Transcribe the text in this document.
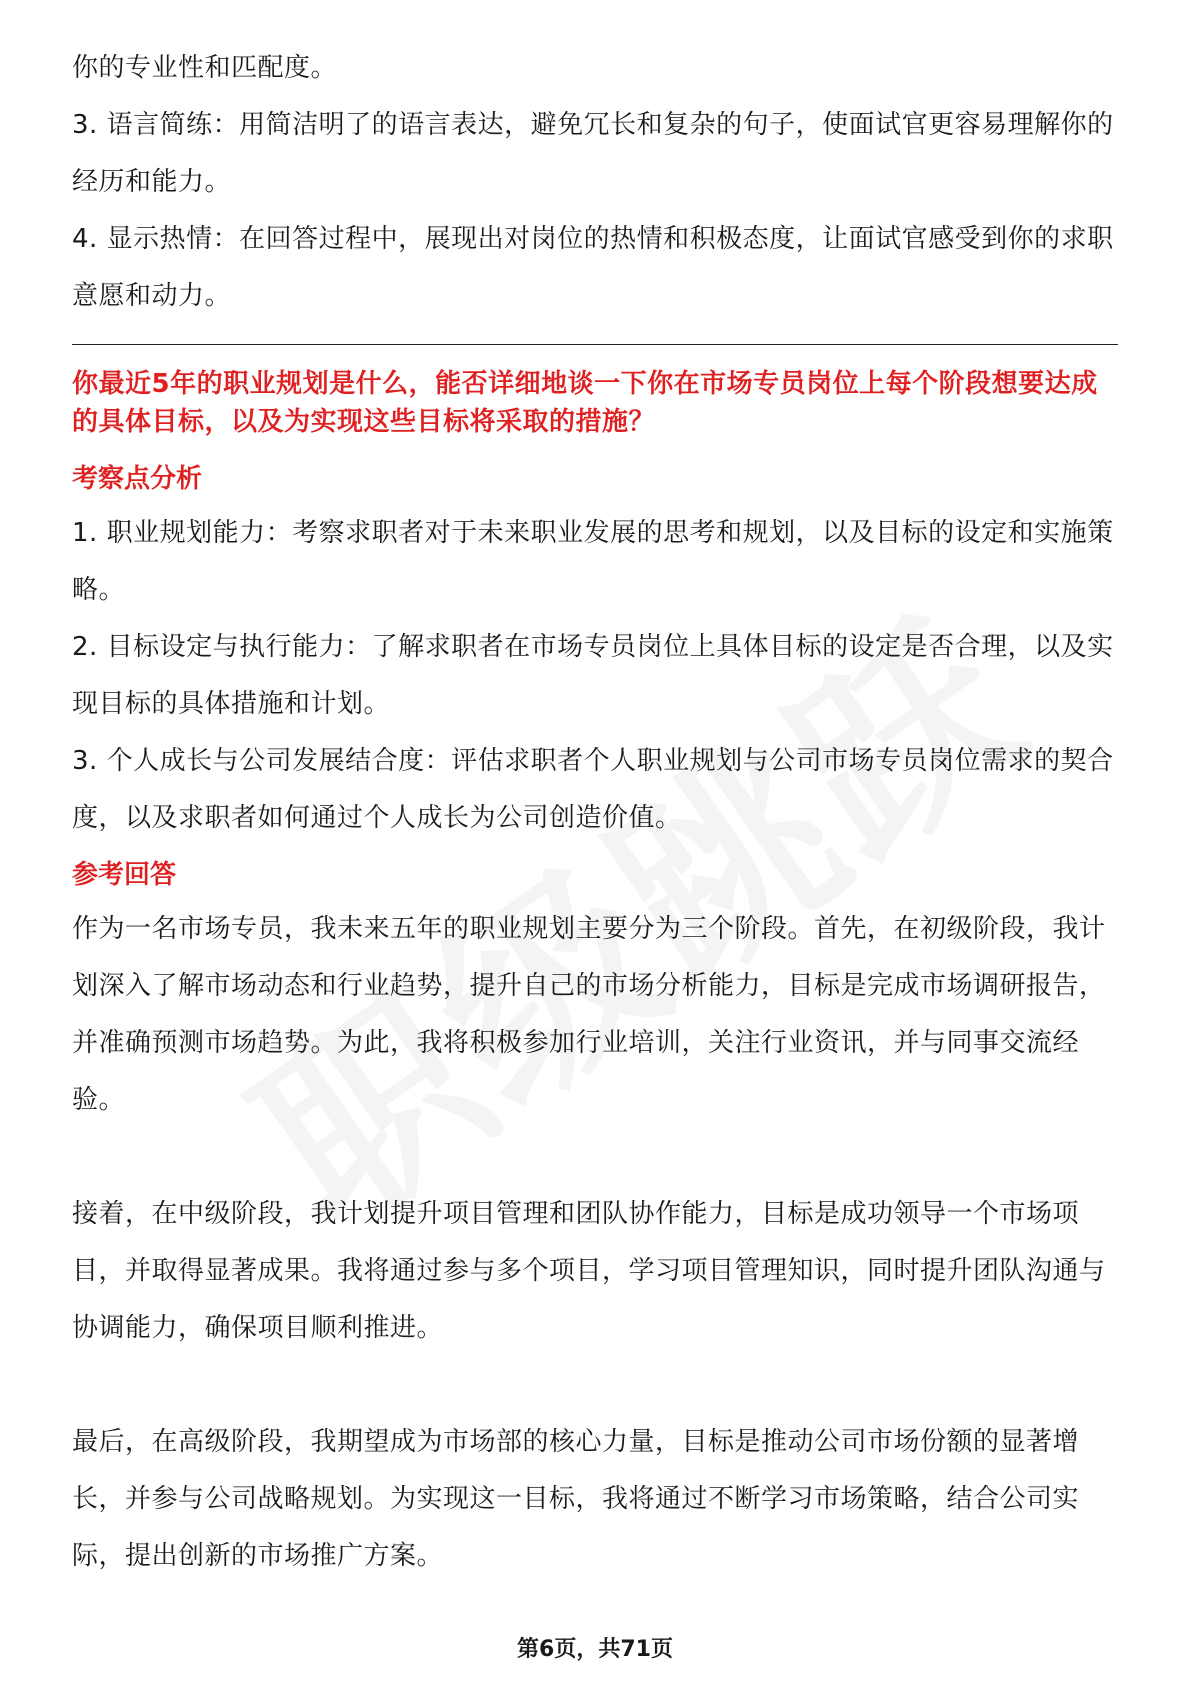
你的专业性和匹配度。

3. 语言简练：用简洁明了的语言表达，避免冗长和复杂的句子，使面试官更容易理解你的经历和能力。

4. 显示热情：在回答过程中，展现出对岗位的热情和积极态度，让面试官感受到你的求职意愿和动力。

你最近5年的职业规划是什么，能否详细地谈一下你在市场专员岗位上每个阶段想要达成的具体目标，以及为实现这些目标将采取的措施？

考察点分析

1. 职业规划能力：考察求职者对于未来职业发展的思考和规划，以及目标的设定和实施策略。

2. 目标设定与执行能力：了解求职者在市场专员岗位上具体目标的设定是否合理，以及实现目标的具体措施和计划。

3. 个人成长与公司发展结合度：评估求职者个人职业规划与公司市场专员岗位需求的契合度，以及求职者如何通过个人成长为公司创造价值。

参考回答

作为一名市场专员，我未来五年的职业规划主要分为三个阶段。首先，在初级阶段，我计划深入了解市场动态和行业趋势，提升自己的市场分析能力，目标是完成市场调研报告，并准确预测市场趋势。为此，我将积极参加行业培训，关注行业资讯，并与同事交流经验。

接着，在中级阶段，我计划提升项目管理和团队协作能力，目标是成功领导一个市场项目，并取得显著成果。我将通过参与多个项目，学习项目管理知识，同时提升团队沟通与协调能力，确保项目顺利推进。

最后，在高级阶段，我期望成为市场部的核心力量，目标是推动公司市场份额的显著增长，并参与公司战略规划。为实现这一目标，我将通过不断学习市场策略，结合公司实际，提出创新的市场推广方案。

第6页，共71页
